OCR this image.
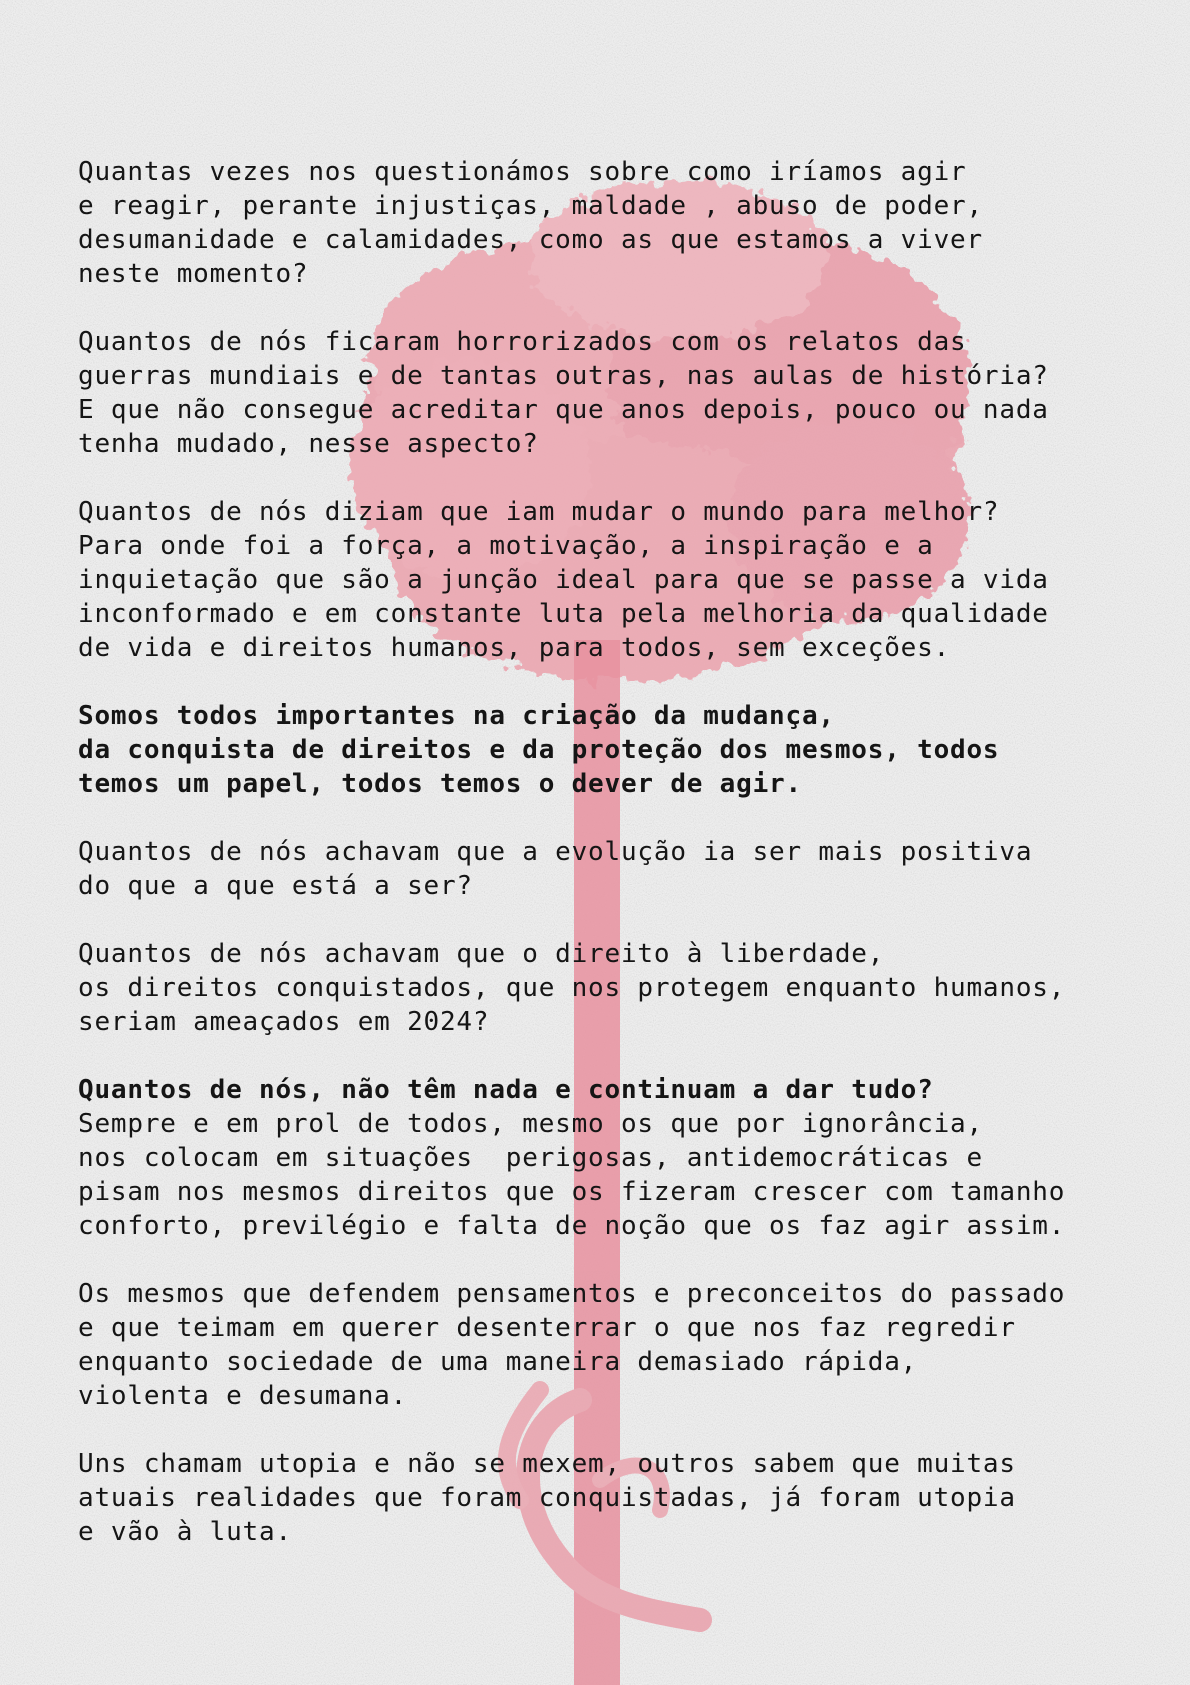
Quantas vezes nos questionámos sobre como iríamos agir
e reagir, perante injustiças, maldade , abuso de poder,
desumanidade e calamidades, como as que estamos a viver
neste momento?
Quantos de nós ficaram horrorizados com os relatos das
guerras mundiais e de tantas outras, nas aulas de história?
E que não consegue acreditar que anos depois, pouco ou nada
tenha mudado, nesse aspecto?
Quantos de nós diziam que iam mudar o mundo para melhor?
Para onde foi a força, a motivação, a inspiração e a
inquietação que são a junção ideal para que se passe a vida
inconformado e em constante luta pela melhoria da qualidade
de vida e direitos humanos, para todos, sem exceções.
Somos todos importantes na criação da mudança,
da conquista de direitos e da proteção dos mesmos, todos
temos um papel, todos temos o dever de agir.
Quantos de nós achavam que a evolução ia ser mais positiva
do que a que está a ser?
Quantos de nós achavam que o direito à liberdade,
os direitos conquistados, que nos protegem enquanto humanos,
seriam ameaçados em 2024?
Quantos de nós, não têm nada e continuam a dar tudo?
Sempre e em prol de todos, mesmo os que por ignorância,
nos colocam em situações  perigosas, antidemocráticas e
pisam nos mesmos direitos que os fizeram crescer com tamanho
conforto, previlégio e falta de noção que os faz agir assim.
Os mesmos que defendem pensamentos e preconceitos do passado
e que teimam em querer desenterrar o que nos faz regredir
enquanto sociedade de uma maneira demasiado rápida,
violenta e desumana.
Uns chamam utopia e não se mexem, outros sabem que muitas
atuais realidades que foram conquistadas, já foram utopia
e vão à luta.
